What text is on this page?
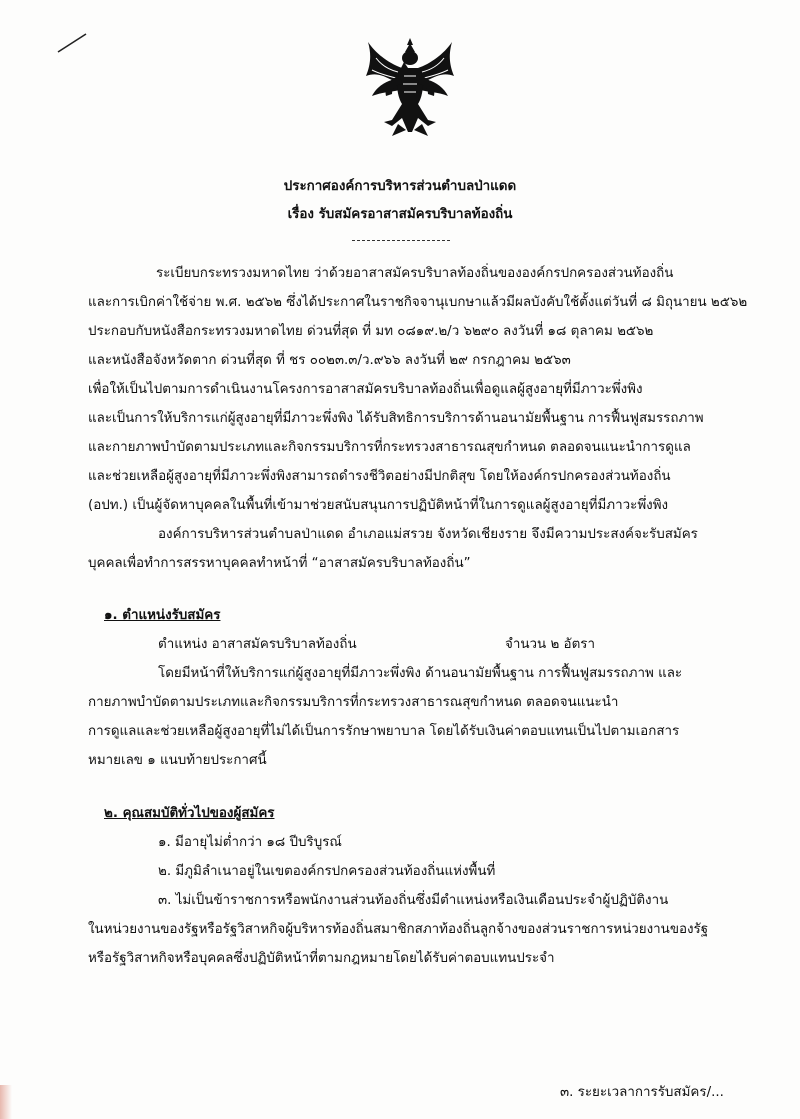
ประกาศองค์การบริหารส่วนตำบลป่าแดด
เรื่อง รับสมัครอาสาสมัครบริบาลท้องถิ่น
ระเบียบกระทรวงมหาดไทย ว่าด้วยอาสาสมัครบริบาลท้องถิ่นขององค์กรปกครองส่วนท้องถิ่น
และการเบิกค่าใช้จ่าย พ.ศ. ๒๕๖๒ ซึ่งได้ประกาศในราชกิจจานุเบกษาแล้วมีผลบังคับใช้ตั้งแต่วันที่ ๘ มิถุนายน ๒๕๖๒
ประกอบกับหนังสือกระทรวงมหาดไทย ด่วนที่สุด ที่ มท ๐๘๑๙.๒/ว ๖๒๙๐ ลงวันที่ ๑๘ ตุลาคม ๒๕๖๒
และหนังสือจังหวัดตาก ด่วนที่สุด ที่ ชร ๐๐๒๓.๓/ว.๙๖๖ ลงวันที่ ๒๙ กรกฎาคม ๒๕๖๓
เพื่อให้เป็นไปตามการดำเนินงานโครงการอาสาสมัครบริบาลท้องถิ่นเพื่อดูแลผู้สูงอายุที่มีภาวะพึ่งพิง
และเป็นการให้บริการแก่ผู้สูงอายุที่มีภาวะพึ่งพิง ได้รับสิทธิการบริการด้านอนามัยพื้นฐาน การฟื้นฟูสมรรถภาพ
และกายภาพบำบัดตามประเภทและกิจกรรมบริการที่กระทรวงสาธารณสุขกำหนด ตลอดจนแนะนำการดูแล
และช่วยเหลือผู้สูงอายุที่มีภาวะพึ่งพิงสามารถดำรงชีวิตอย่างมีปกติสุข โดยให้องค์กรปกครองส่วนท้องถิ่น
(อปท.) เป็นผู้จัดหาบุคคลในพื้นที่เข้ามาช่วยสนับสนุนการปฏิบัติหน้าที่ในการดูแลผู้สูงอายุที่มีภาวะพึ่งพิง
องค์การบริหารส่วนตำบลป่าแดด อำเภอแม่สรวย จังหวัดเชียงราย จึงมีความประสงค์จะรับสมัคร
บุคคลเพื่อทำการสรรหาบุคคลทำหน้าที่ “อาสาสมัครบริบาลท้องถิ่น”
๑. ตำแหน่งรับสมัคร
ตำแหน่ง อาสาสมัครบริบาลท้องถิ่น	จำนวน ๒ อัตรา
โดยมีหน้าที่ให้บริการแก่ผู้สูงอายุที่มีภาวะพึ่งพิง ด้านอนามัยพื้นฐาน การฟื้นฟูสมรรถภาพ และ
กายภาพบำบัดตามประเภทและกิจกรรมบริการที่กระทรวงสาธารณสุขกำหนด ตลอดจนแนะนำ
การดูแลและช่วยเหลือผู้สูงอายุที่ไม่ได้เป็นการรักษาพยาบาล โดยได้รับเงินค่าตอบแทนเป็นไปตามเอกสาร
หมายเลข ๑ แนบท้ายประกาศนี้
๒. คุณสมบัติทั่วไปของผู้สมัคร
๑. มีอายุไม่ต่ำกว่า ๑๘ ปีบริบูรณ์
๒. มีภูมิลำเนาอยู่ในเขตองค์กรปกครองส่วนท้องถิ่นแห่งพื้นที่
๓. ไม่เป็นข้าราชการหรือพนักงานส่วนท้องถิ่นซึ่งมีตำแหน่งหรือเงินเดือนประจำผู้ปฏิบัติงาน
ในหน่วยงานของรัฐหรือรัฐวิสาหกิจผู้บริหารท้องถิ่นสมาชิกสภาท้องถิ่นลูกจ้างของส่วนราชการหน่วยงานของรัฐ
หรือรัฐวิสาหกิจหรือบุคคลซึ่งปฏิบัติหน้าที่ตามกฎหมายโดยได้รับค่าตอบแทนประจำ
๓. ระยะเวลาการรับสมัคร/...
